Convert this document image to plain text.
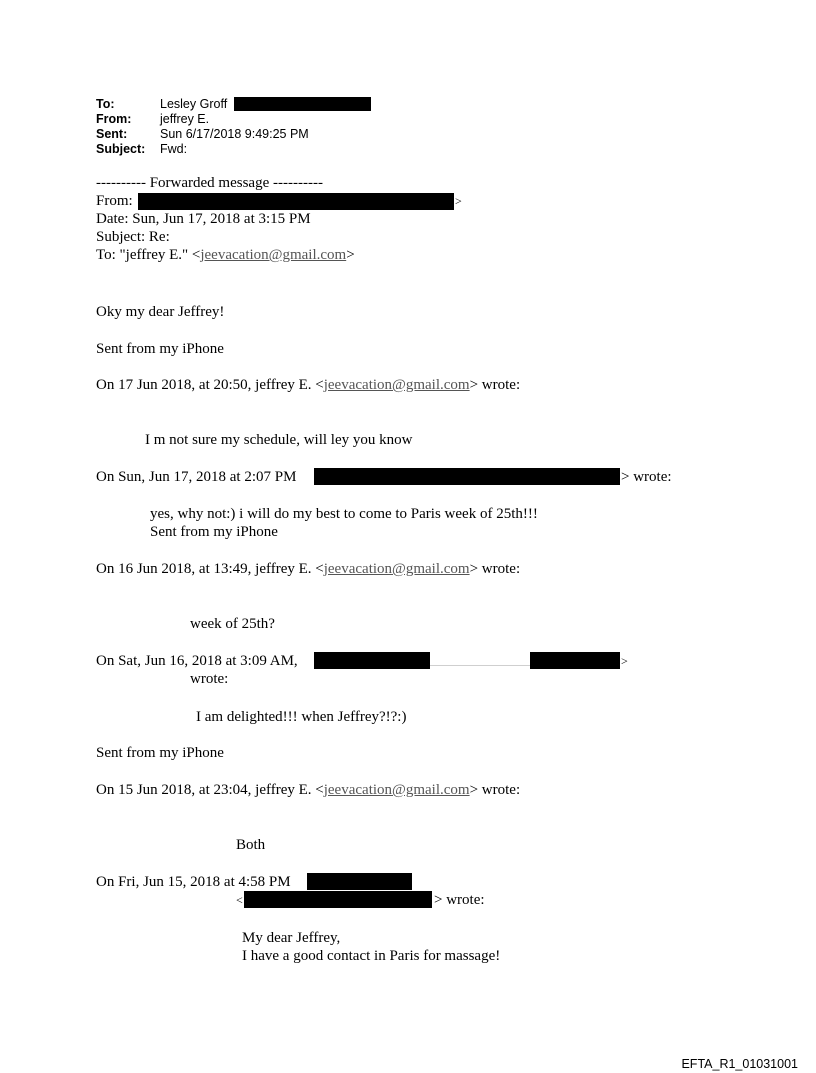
To:	Lesley Groff
From: jeffrey E.
Sent:	Sun 6/17/2018 9:49:25 PM
Subject: Fwd:
---------- Forwarded message ----------
From:	>
Date: Sun, Jun 17, 2018 at 3:15 PM
Subject: Re:
To: "jeffrey E." <jeevacation@gmail.com>
Oky my dear Jeffrey!
Sent from my iPhone
On 17 Jun 2018, at 20:50, jeffrey E. <jeevacation@gmail.com> wrote:
I m not sure my schedule, will ley you know
On Sun, Jun 17, 2018 at 2:07 PM	> wrote:
yes, why not:) i will do my best to come to Paris week of 25th!!!
Sent from my iPhone
On 16 Jun 2018, at 13:49, jeffrey E. <jeevacation@gmail.com> wrote:
week of 25th?
On Sat, Jun 16, 2018 at 3:09 AM,	>
wrote:
I am delighted!!! when Jeffrey?!?:)
Sent from my iPhone
On 15 Jun 2018, at 23:04, jeffrey E. <jeevacation@gmail.com> wrote:
Both
On Fri, Jun 15, 2018 at 4:58 PM
<	> wrote:
My dear Jeffrey,
I have a good contact in Paris for massage!
EFTA_R1_01031001
